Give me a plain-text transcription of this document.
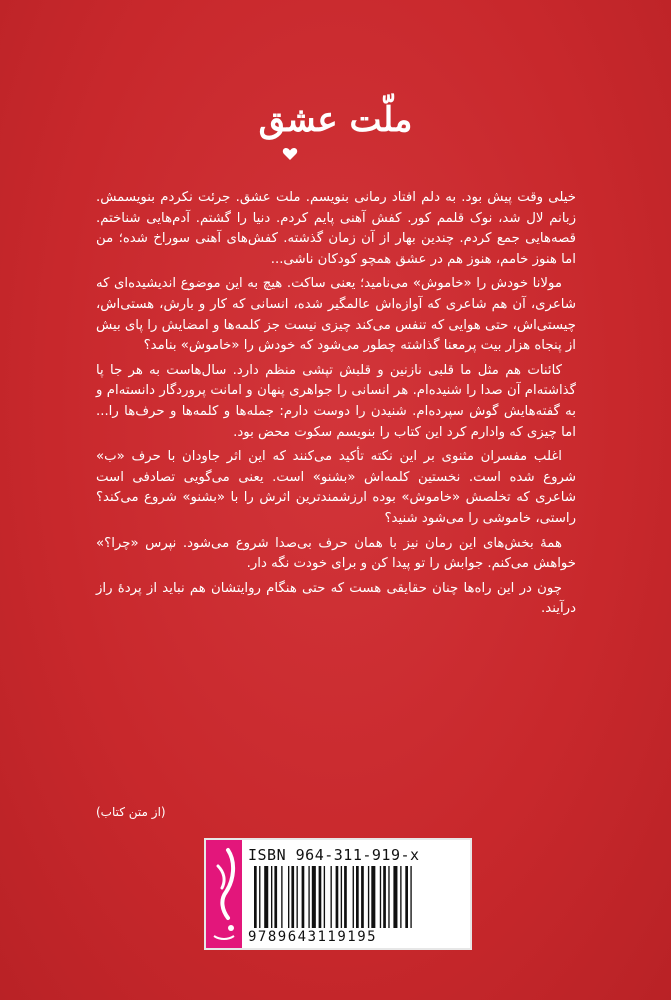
ملّت عشق

خیلی وقت پیش بود. به دلم افتاد رمانی بنویسم. ملت عشق. جرئت نکردم بنویسمش. زبانم لال شد، نوک قلمم کور. کفش آهنی پایم کردم. دنیا را گشتم. آدم‌هایی شناختم. قصه‌هایی جمع کردم. چندین بهار از آن زمان گذشته. کفش‌های آهنی سوراخ شده؛ من اما هنوز خامم، هنوز هم در عشق همچو کودکان ناشی...

مولانا خودش را «خاموش» می‌نامید؛ یعنی ساکت. هیچ به این موضوع اندیشیده‌ای که شاعری، آن هم شاعری که آوازه‌اش عالمگیر شده، انسانی که کار و بارش، هستی‌اش، چیستی‌اش، حتی هوایی که تنفس می‌کند چیزی نیست جز کلمه‌ها و امضایش را پای بیش از پنجاه هزار بیت پرمعنا گذاشته چطور می‌شود که خودش را «خاموش» بنامد؟

کائنات هم مثل ما قلبی نازنین و قلبش تپشی منظم دارد. سال‌هاست به هر جا پا گذاشته‌ام آن صدا را شنیده‌ام. هر انسانی را جواهری پنهان و امانت پروردگار دانسته‌ام و به گفته‌هایش گوش سپرده‌ام. شنیدن را دوست دارم: جمله‌ها و کلمه‌ها و حرف‌ها را... اما چیزی که وادارم کرد این کتاب را بنویسم سکوت محض بود.

اغلب مفسران مثنوی بر این نکته تأکید می‌کنند که این اثر جاودان با حرف «ب» شروع شده است. نخستین کلمه‌اش «بشنو» است. یعنی می‌گویی تصادفی است شاعری که تخلصش «خاموش» بوده ارزشمندترین اثرش را با «بشنو» شروع می‌کند؟ راستی، خاموشی را می‌شود شنید؟

همهٔ بخش‌های این رمان نیز با همان حرف بی‌صدا شروع می‌شود. نپرس «چرا؟» خواهش می‌کنم. جوابش را تو پیدا کن و برای خودت نگه دار.

چون در این راه‌ها چنان حقایقی هست که حتی هنگام روایتشان هم نباید از پردهٔ راز درآیند.

(از متن کتاب)
ISBN 964-311-919-x
9789643119195
